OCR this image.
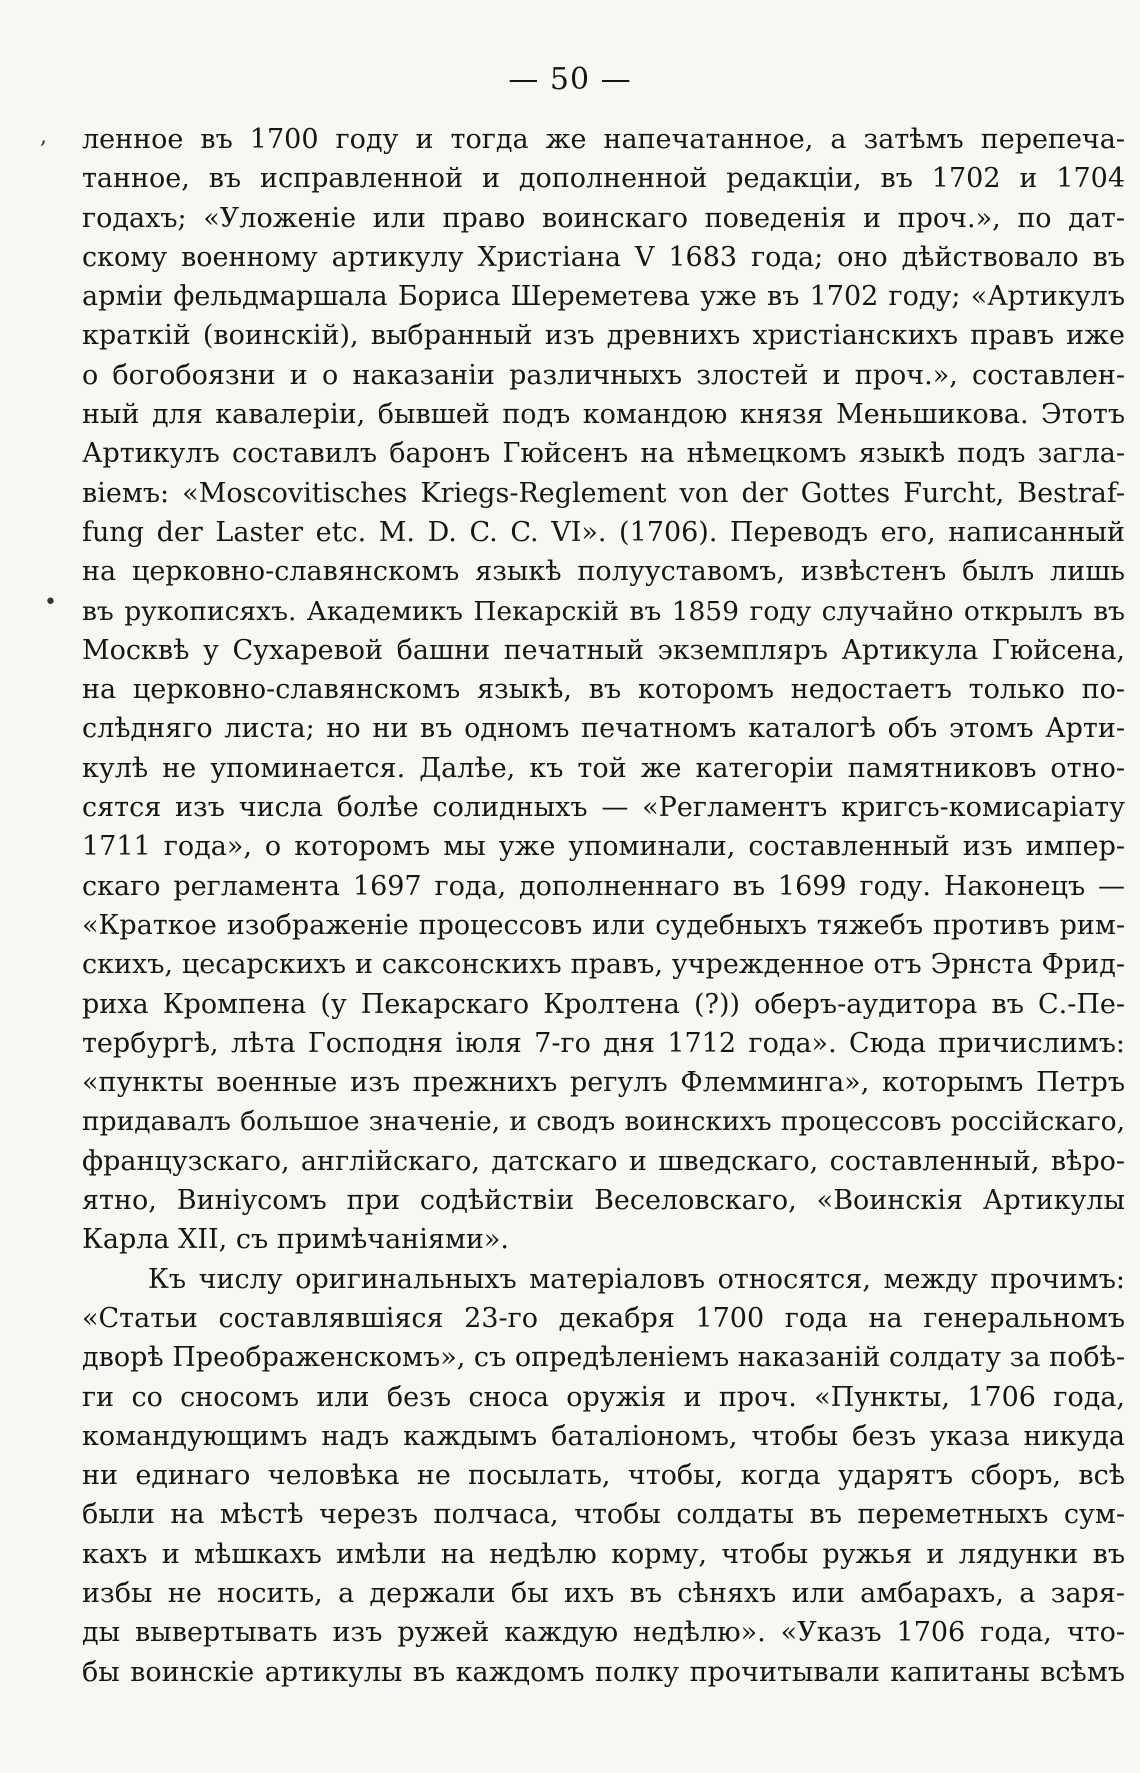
— 50 —
,
•
ленное въ 1700 году и тогда же напечатанное, а затѣмъ перепеча-
танное, въ исправленной и дополненной редакціи, въ 1702 и 1704
годахъ; «Уложеніе или право воинскаго поведенія и проч.», по дат-
скому военному артикулу Христіана V 1683 года; оно дѣйствовало въ
арміи фельдмаршала Бориса Шереметева уже въ 1702 году; «Артикулъ
краткій (воинскій), выбранный изъ древнихъ христіанскихъ правъ иже
о богобоязни и о наказаніи различныхъ злостей и проч.», составлен-
ный для кавалеріи, бывшей подъ командою князя Меньшикова. Этотъ
Артикулъ составилъ баронъ Гюйсенъ на нѣмецкомъ языкѣ подъ загла-
віемъ: «Moscovitisches Kriegs-Reglement von der Gottes Furcht, Bestraf-
fung der Laster etc. M. D. C. C. VI». (1706). Переводъ его, написанный
на церковно-славянскомъ языкѣ полууставомъ, извѣстенъ былъ лишь
въ рукописяхъ. Академикъ Пекарскій въ 1859 году случайно открылъ въ
Москвѣ у Сухаревой башни печатный экземпляръ Артикула Гюйсена,
на церковно-славянскомъ языкѣ, въ которомъ недостаетъ только по-
слѣдняго листа; но ни въ одномъ печатномъ каталогѣ объ этомъ Арти-
кулѣ не упоминается. Далѣе, къ той же категоріи памятниковъ отно-
сятся изъ числа болѣе солидныхъ — «Регламентъ кригсъ-комисаріату
1711 года», о которомъ мы уже упоминали, составленный изъ импер-
скаго регламента 1697 года, дополненнаго въ 1699 году. Наконецъ —
«Краткое изображеніе процессовъ или судебныхъ тяжебъ противъ рим-
скихъ, цесарскихъ и саксонскихъ правъ, учрежденное отъ Эрнста Фрид-
риха Кромпена (у Пекарскаго Кролтена (?)) оберъ-аудитора въ С.-Пе-
тербургѣ, лѣта Господня іюля 7-го дня 1712 года». Сюда причислимъ:
«пункты военные изъ прежнихъ регулъ Флемминга», которымъ Петръ
придавалъ большое значеніе, и сводъ воинскихъ процессовъ россійскаго,
французскаго, англійскаго, датскаго и шведскаго, составленный, вѣро-
ятно, Винiусомъ при содѣйствіи Веселовскаго, «Воинскія Артикулы
Карла XII, съ примѣчаніями».
Къ числу оригинальныхъ матеріаловъ относятся, между прочимъ:
«Статьи составлявшіяся 23-го декабря 1700 года на генеральномъ
дворѣ Преображенскомъ», съ опредѣленіемъ наказаній солдату за побѣ-
ги со сносомъ или безъ сноса оружія и проч. «Пункты, 1706 года,
командующимъ надъ каждымъ баталіономъ, чтобы безъ указа никуда
ни единаго человѣка не посылать, чтобы, когда ударятъ сборъ, всѣ
были на мѣстѣ черезъ полчаса, чтобы солдаты въ переметныхъ сум-
кахъ и мѣшкахъ имѣли на недѣлю корму, чтобы ружья и лядунки въ
избы не носить, а держали бы ихъ въ сѣняхъ или амбарахъ, а заря-
ды вывертывать изъ ружей каждую недѣлю». «Указъ 1706 года, что-
бы воинскіе артикулы въ каждомъ полку прочитывали капитаны всѣмъ
